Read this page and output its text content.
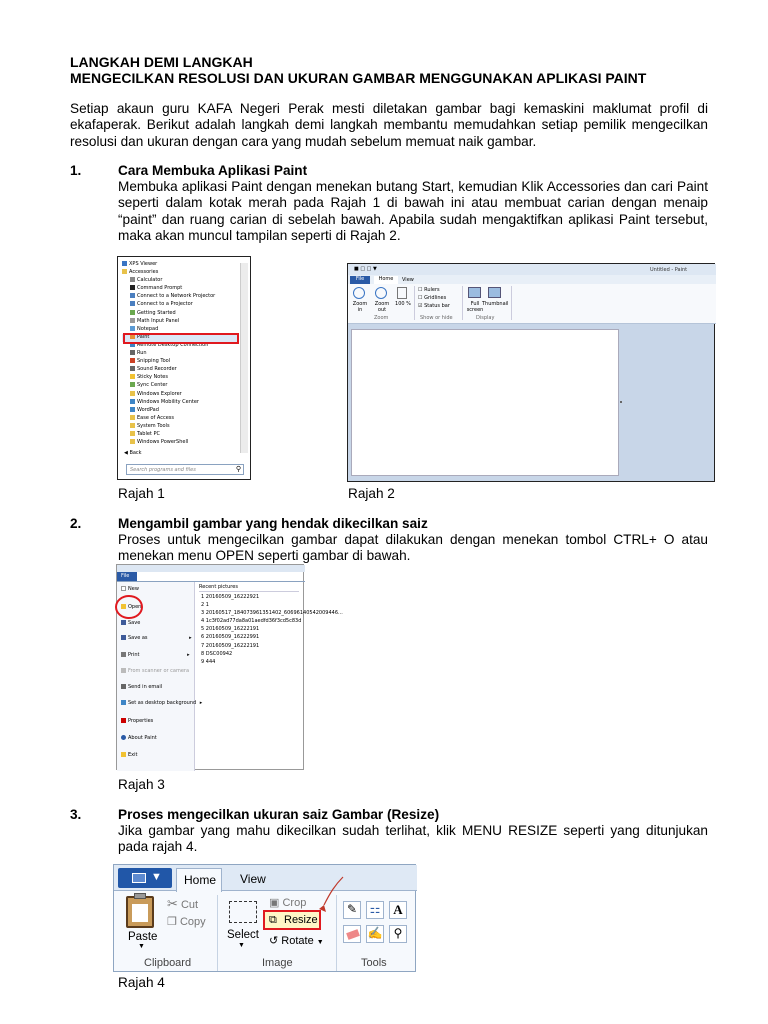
LANGKAH DEMI LANGKAH
MENGECILKAN RESOLUSI DAN UKURAN GAMBAR MENGGUNAKAN APLIKASI PAINT
Setiap akaun guru KAFA Negeri Perak mesti diletakan gambar bagi kemaskini maklumat profil di ekafaperak. Berikut adalah langkah demi langkah membantu memudahkan setiap pemilik mengecilkan resolusi dan ukuran dengan cara yang mudah sebelum memuat naik gambar.
1.	Cara Membuka Aplikasi Paint
Membuka aplikasi Paint dengan menekan butang Start, kemudian Klik Accessories dan cari Paint seperti dalam kotak merah pada Rajah 1 di bawah ini atau membuat carian dengan menaip “paint” dan ruang carian di sebelah bawah. Apabila sudah mengaktifkan aplikasi Paint tersebut, maka akan muncul tampilan seperti di Rajah 2.
XPS Viewer
Accessories
Calculator
Command Prompt
Connect to a Network Projector
Connect to a Projector
Getting Started
Math Input Panel
Notepad
Paint
Remote Desktop Connection
Run
Snipping Tool
Sound Recorder
Sticky Notes
Sync Center
Windows Explorer
Windows Mobility Center
WordPad
Ease of Access
System Tools
Tablet PC
Windows PowerShell
◀ Back
Search programs and files	⚲
Rajah 1
■ □ □ ▼	Untitled - Paint
File	Home	View
Zoom in
Zoom out
100 %
Zoom
☐ Rulers
☐ Gridlines
☑ Status bar
Show or hide
Full screen
Thumbnail
Display
Rajah 2
2.	Mengambil gambar yang hendak dikecilkan saiz
Proses untuk mengecilkan gambar dapat dilakukan dengan menekan tombol CTRL+ O atau menekan menu OPEN seperti gambar di bawah.
File
New
Open
Save
Save as	▸
Print	▸
From scanner or camera
Send in email
Set as desktop background ▸
Properties
About Paint
Exit
Recent pictures
1 20160509_16222921
2 1
3 20160517_184073961351402_60696140542009446...
4 1c3f02ad77da8a01aedfd36f3cd5c83d
5 20160509_16222191
6 20160509_16222991
7 20160509_16222191
8 DSC00942
9 444
Rajah 3
3.	Proses mengecilkan ukuran saiz Gambar (Resize)
Jika gambar yang mahu dikecilkan sudah terlihat, klik MENU RESIZE seperti yang ditunjukan pada rajah 4.
▼ Home View
Paste
▼
✂ Cut
❐ Copy
Clipboard
Select
▼
▣ Crop
⧉ Resize
↺ Rotate ▼
Image
✎	⚏ A
✍ ⚲
Tools
Rajah 4
